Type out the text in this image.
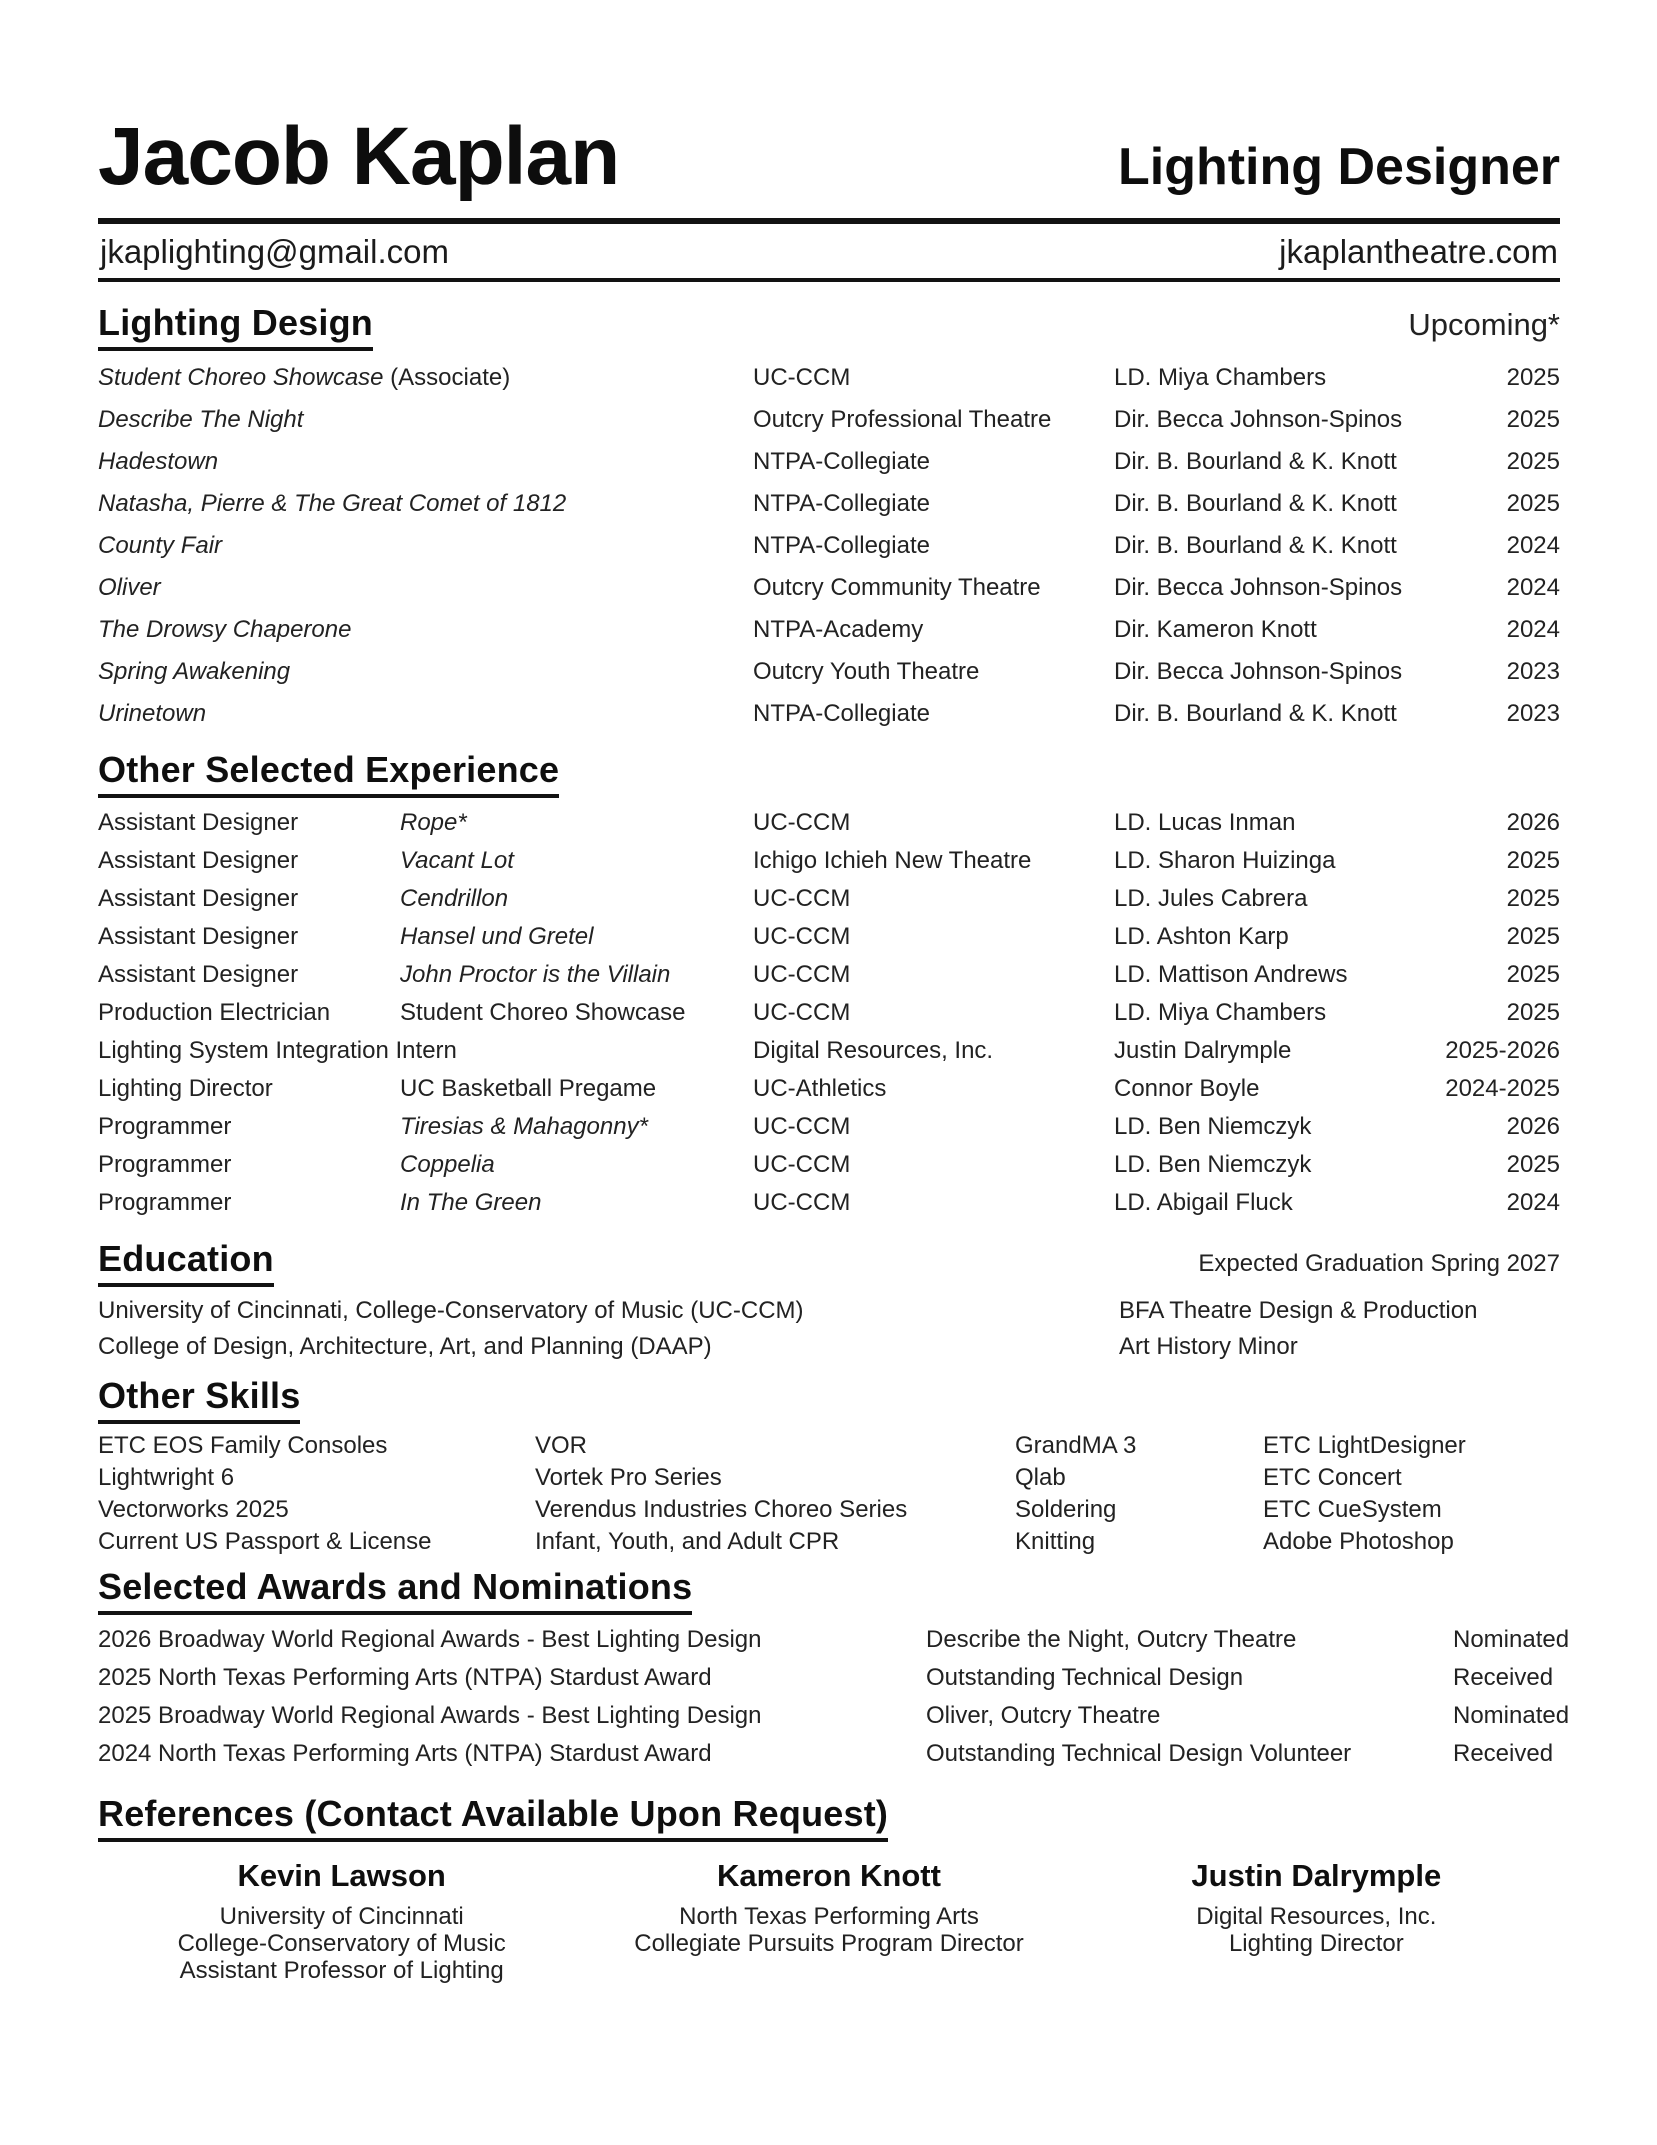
Jacob Kaplan	Lighting Designer
jkaplighting@gmail.com	jkaplantheatre.com
Lighting Design	Upcoming*
Student Choreo Showcase (Associate)	UC-CCM	LD. Miya Chambers	2025
Describe The Night	Outcry Professional Theatre	Dir. Becca Johnson-Spinos	2025
Hadestown	NTPA-Collegiate	Dir. B. Bourland & K. Knott	2025
Natasha, Pierre & The Great Comet of 1812	NTPA-Collegiate	Dir. B. Bourland & K. Knott	2025
County Fair	NTPA-Collegiate	Dir. B. Bourland & K. Knott	2024
Oliver	Outcry Community Theatre	Dir. Becca Johnson-Spinos	2024
The Drowsy Chaperone	NTPA-Academy	Dir. Kameron Knott	2024
Spring Awakening	Outcry Youth Theatre	Dir. Becca Johnson-Spinos	2023
Urinetown	NTPA-Collegiate	Dir. B. Bourland & K. Knott	2023
Other Selected Experience
Assistant Designer	Rope*	UC-CCM	LD. Lucas Inman	2026
Assistant Designer	Vacant Lot	Ichigo Ichieh New Theatre	LD. Sharon Huizinga	2025
Assistant Designer	Cendrillon	UC-CCM	LD. Jules Cabrera	2025
Assistant Designer	Hansel und Gretel	UC-CCM	LD. Ashton Karp	2025
Assistant Designer	John Proctor is the Villain	UC-CCM	LD. Mattison Andrews	2025
Production Electrician	Student Choreo Showcase	UC-CCM	LD. Miya Chambers	2025
Lighting System Integration Intern	Digital Resources, Inc.	Justin Dalrymple	2025-2026
Lighting Director	UC Basketball Pregame	UC-Athletics	Connor Boyle	2024-2025
Programmer	Tiresias & Mahagonny*	UC-CCM	LD. Ben Niemczyk	2026
Programmer	Coppelia	UC-CCM	LD. Ben Niemczyk	2025
Programmer	In The Green	UC-CCM	LD. Abigail Fluck	2024
Education	Expected Graduation Spring 2027
University of Cincinnati, College-Conservatory of Music (UC-CCM)	BFA Theatre Design & Production
College of Design, Architecture, Art, and Planning (DAAP)	Art History Minor
Other Skills
ETC EOS Family Consoles	VOR	GrandMA 3	ETC LightDesigner
Lightwright 6	Vortek Pro Series	Qlab	ETC Concert
Vectorworks 2025	Verendus Industries Choreo Series	Soldering	ETC CueSystem
Current US Passport & License	Infant, Youth, and Adult CPR	Knitting	Adobe Photoshop
Selected Awards and Nominations
2026 Broadway World Regional Awards - Best Lighting Design	Describe the Night, Outcry Theatre	Nominated
2025 North Texas Performing Arts (NTPA) Stardust Award	Outstanding Technical Design	Received
2025 Broadway World Regional Awards - Best Lighting Design	Oliver, Outcry Theatre	Nominated
2024 North Texas Performing Arts (NTPA) Stardust Award	Outstanding Technical Design Volunteer	Received
References (Contact Available Upon Request)
Kevin Lawson
University of Cincinnati
College-Conservatory of Music
Assistant Professor of Lighting
Kameron Knott
North Texas Performing Arts
Collegiate Pursuits Program Director
Justin Dalrymple
Digital Resources, Inc.
Lighting Director
